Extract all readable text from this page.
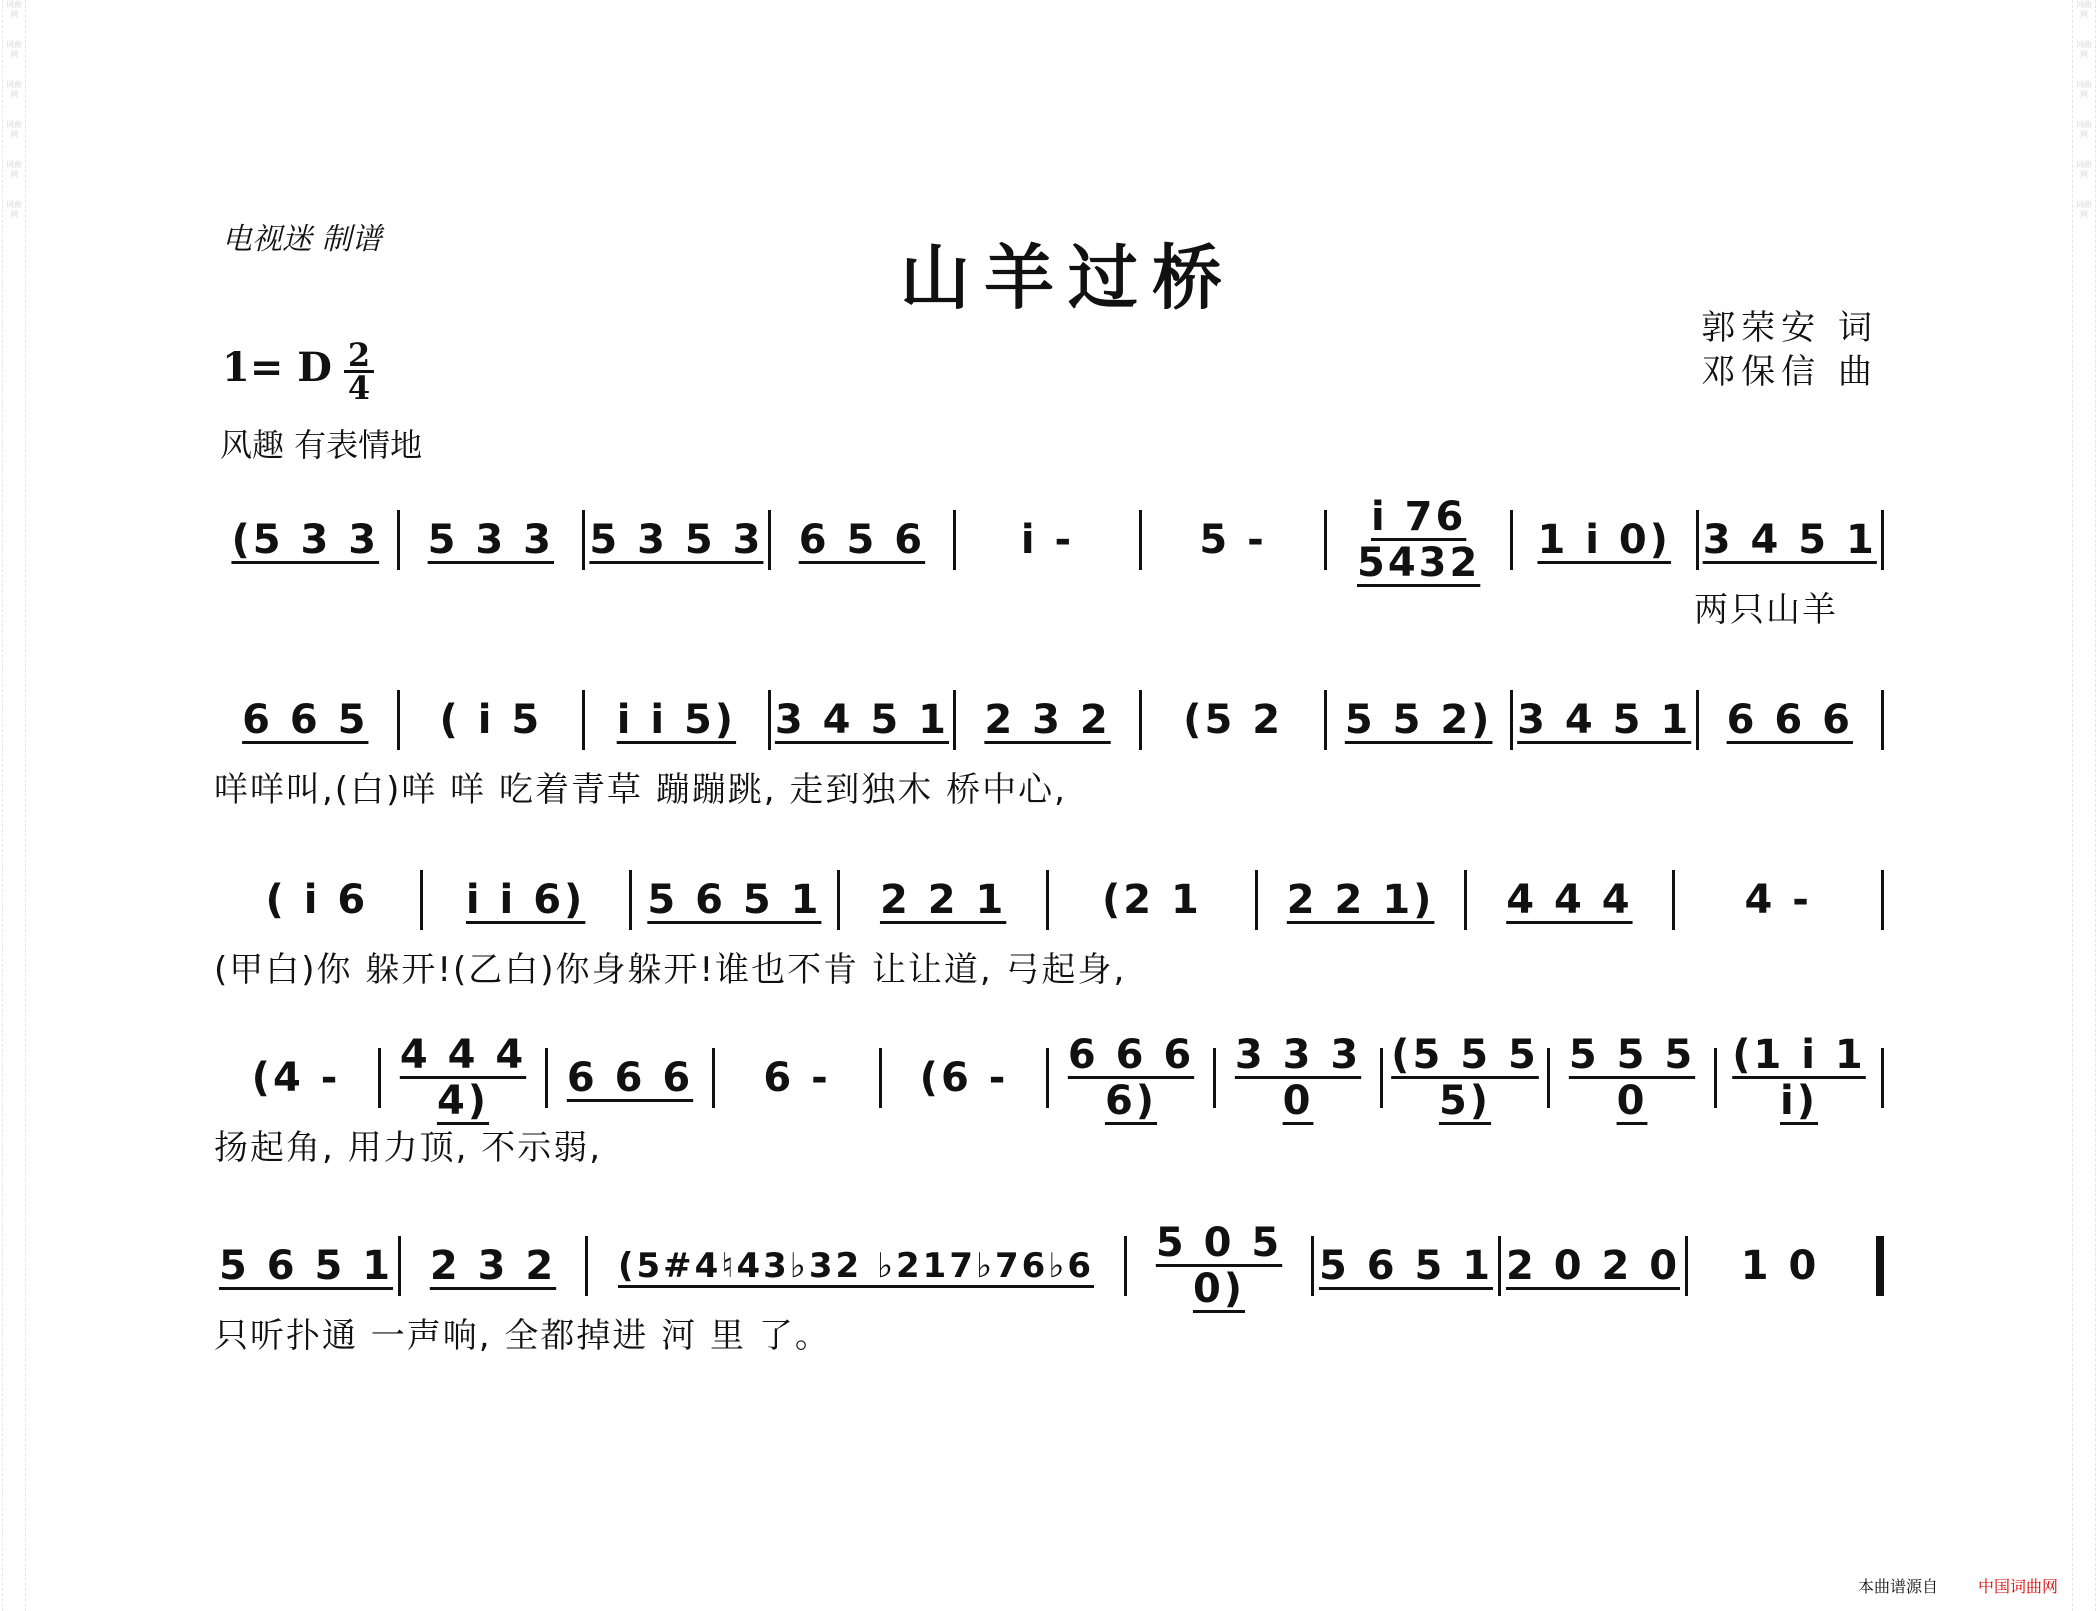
词曲网
词曲网
词曲网
词曲网
词曲网
词曲网
词曲网
词曲网
词曲网
词曲网
词曲网
词曲网
电视迷 制谱	山羊过桥
郭荣安 词
邓保信 曲
1= D 2
4
风趣 有表情地
(5 3 3	5 3 3 5 3 5 3 6 5 6	i -	5 -	i 76 5432	1 i 0) 3 4 5 1
两只山羊
6 6 5	( i 5	i i 5) 3 4 5 1 2 3 2	(5 2	5 5 2) 3 4 5 1 6 6 6
咩咩叫,(白)咩 咩 吃着青草 蹦蹦跳, 走到独木 桥中心,
( i 6	i i 6)	5 6 5 1	2 2 1	(2 1	2 2 1)	4 4 4	4 -
(甲白)你 躲开!(乙白)你身躲开!谁也不肯 让让道, 弓起身,
(4 -	4 4 4 4)	6 6 6	6 -	(6 -	6 6 6 6)
3 3 3 0
(5 5 5 5)
5 5 5 0
(1 i 1 i)
扬起角, 用力顶, 不示弱,
5 6 5 1 2 3 2	(5#4♮43♭32 ♭217♭76♭6	5 0 5 0)	5 6 5 1 2 0 2 0	1 0
只听扑通 一声响, 全都掉进 河 里 了。
本曲谱源自 中国词曲网
